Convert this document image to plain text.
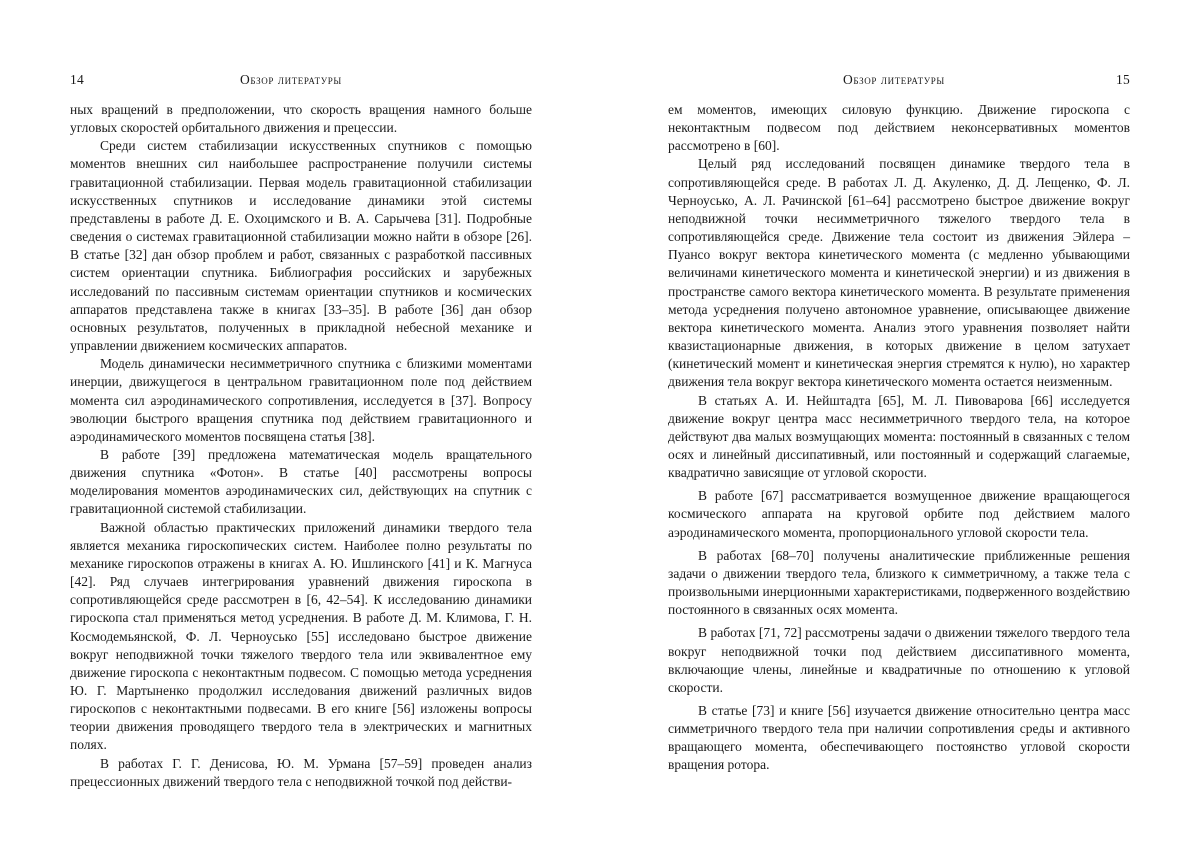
14	Обзор литературы

ных вращений в предположении, что скорость вращения намного больше угловых скоростей орбитального движения и прецессии.

Среди систем стабилизации искусственных спутников с помощью моментов внешних сил наибольшее распространение получили системы гравитационной стабилизации. Первая модель гравитационной стабилизации искусственных спутников и исследование динамики этой системы представлены в работе Д. Е. Охоцимского и В. А. Сарычева [31]. Подробные сведения о системах гравитационной стабилизации можно найти в обзоре [26]. В статье [32] дан обзор проблем и работ, связанных с разработкой пассивных систем ориентации спутника. Библиография российских и зарубежных исследований по пассивным системам ориентации спутников и космических аппаратов представлена также в книгах [33–35]. В работе [36] дан обзор основных результатов, полученных в прикладной небесной механике и управлении движением космических аппаратов.

Модель динамически несимметричного спутника с близкими моментами инерции, движущегося в центральном гравитационном поле под действием момента сил аэродинамического сопротивления, исследуется в [37]. Вопросу эволюции быстрого вращения спутника под действием гравитационного и аэродинамического моментов посвящена статья [38].

В работе [39] предложена математическая модель вращательного движения спутника «Фотон». В статье [40] рассмотрены вопросы моделирования моментов аэродинамических сил, действующих на спутник с гравитационной системой стабилизации.

Важной областью практических приложений динамики твердого тела является механика гироскопических систем. Наиболее полно результаты по механике гироскопов отражены в книгах А. Ю. Ишлинского [41] и К. Магнуса [42]. Ряд случаев интегрирования уравнений движения гироскопа в сопротивляющейся среде рассмотрен в [6, 42–54]. К исследованию динамики гироскопа стал применяться метод усреднения. В работе Д. М. Климова, Г. Н. Космодемьянской, Ф. Л. Черноусько [55] исследовано быстрое движение вокруг неподвижной точки тяжелого твердого тела или эквивалентное ему движение гироскопа с неконтактным подвесом. С помощью метода усреднения Ю. Г. Мартыненко продолжил исследования движений различных видов гироскопов с неконтактными подвесами. В его книге [56] изложены вопросы теории движения проводящего твердого тела в электрических и магнитных полях.

В работах Г. Г. Денисова, Ю. М. Урмана [57–59] проведен анализ прецессионных движений твердого тела с неподвижной точкой под действи-

Обзор литературы	15

ем моментов, имеющих силовую функцию. Движение гироскопа с неконтактным подвесом под действием неконсервативных моментов рассмотрено в [60].

Целый ряд исследований посвящен динамике твердого тела в сопротивляющейся среде. В работах Л. Д. Акуленко, Д. Д. Лещенко, Ф. Л. Черноусько, А. Л. Рачинской [61–64] рассмотрено быстрое движение вокруг неподвижной точки несимметричного тяжелого твердого тела в сопротивляющейся среде. Движение тела состоит из движения Эйлера – Пуансо вокруг вектора кинетического момента (с медленно убывающими величинами кинетического момента и кинетической энергии) и из движения в пространстве самого вектора кинетического момента. В результате применения метода усреднения получено автономное уравнение, описывающее движение вектора кинетического момента. Анализ этого уравнения позволяет найти квазистационарные движения, в которых движение в целом затухает (кинетический момент и кинетическая энергия стремятся к нулю), но характер движения тела вокруг вектора кинетического момента остается неизменным.

В статьях А. И. Нейштадта [65], М. Л. Пивоварова [66] исследуется движение вокруг центра масс несимметричного твердого тела, на которое действуют два малых возмущающих момента: постоянный в связанных с телом осях и линейный диссипативный, или постоянный и содержащий слагаемые, квадратично зависящие от угловой скорости.

В работе [67] рассматривается возмущенное движение вращающегося космического аппарата на круговой орбите под действием малого аэродинамического момента, пропорционального угловой скорости тела.

В работах [68–70] получены аналитические приближенные решения задачи о движении твердого тела, близкого к симметричному, а также тела с произвольными инерционными характеристиками, подверженного воздействию постоянного в связанных осях момента.

В работах [71, 72] рассмотрены задачи о движении тяжелого твердого тела вокруг неподвижной точки под действием диссипативного момента, включающие члены, линейные и квадратичные по отношению к угловой скорости.

В статье [73] и книге [56] изучается движение относительно центра масс симметричного твердого тела при наличии сопротивления среды и активного вращающего момента, обеспечивающего постоянство угловой скорости вращения ротора.
